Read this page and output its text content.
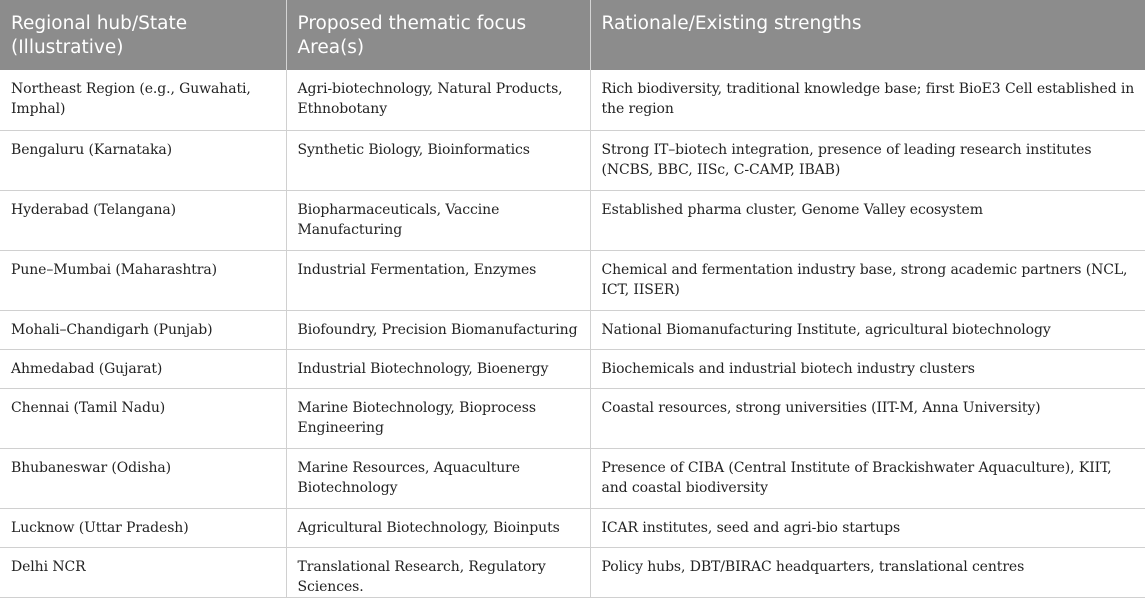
Regional hub/State (Illustrative)	Proposed thematic focus Area(s)	Rationale/Existing strengths
Northeast Region (e.g., Guwahati, Imphal)	Agri-biotechnology, Natural Products, Ethnobotany	Rich biodiversity, traditional knowledge base; first BioE3 Cell established in the region
Bengaluru (Karnataka)	Synthetic Biology, Bioinformatics	Strong IT–biotech integration, presence of leading research institutes (NCBS, BBC, IISc, C-CAMP, IBAB)
Hyderabad (Telangana)	Biopharmaceuticals, Vaccine Manufacturing	Established pharma cluster, Genome Valley ecosystem
Pune–Mumbai (Maharashtra)	Industrial Fermentation, Enzymes	Chemical and fermentation industry base, strong academic partners (NCL, ICT, IISER)
Mohali–Chandigarh (Punjab)	Biofoundry, Precision Biomanufacturing	National Biomanufacturing Institute, agricultural biotechnology
Ahmedabad (Gujarat)	Industrial Biotechnology, Bioenergy	Biochemicals and industrial biotech industry clusters
Chennai (Tamil Nadu)	Marine Biotechnology, Bioprocess Engineering	Coastal resources, strong universities (IIT-M, Anna University)
Bhubaneswar (Odisha)	Marine Resources, Aquaculture Biotechnology	Presence of CIBA (Central Institute of Brackishwater Aquaculture), KIIT, and coastal biodiversity
Lucknow (Uttar Pradesh)	Agricultural Biotechnology, Bioinputs	ICAR institutes, seed and agri-bio startups
Delhi NCR	Translational Research, Regulatory Sciences.	Policy hubs, DBT/BIRAC headquarters, translational centres
